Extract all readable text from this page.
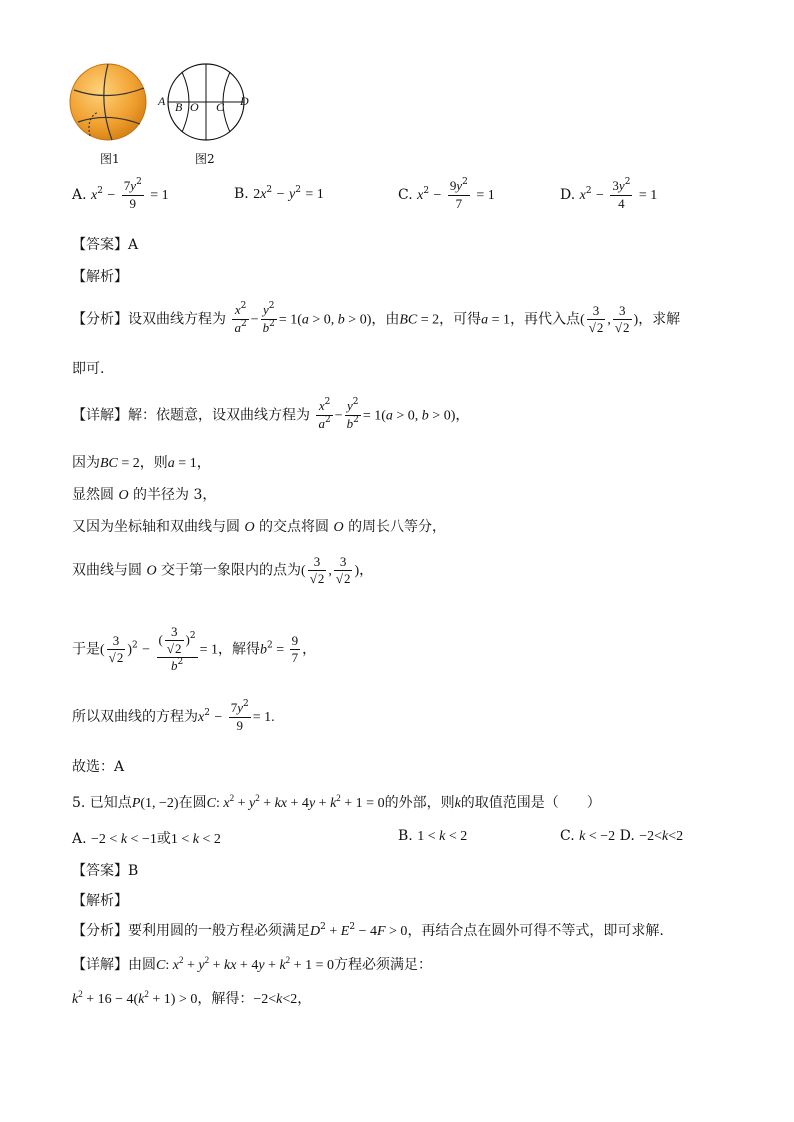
A B O C D
图1	图2
A. $x^2 - \frac{7y^2}{9} = 1$	B. $2x^2 - y^2 = 1$	C. $x^2 - \frac{9y^2}{7} = 1$	D. $x^2 - \frac{3y^2}{4} = 1$
【答案】A
【解析】
【分析】设双曲线方程为 $\frac{x^2}{a^2} - \frac{y^2}{b^2} = 1(a > 0$, b > 0)，由BC = 2，可得a = 1，再代入点( $\frac{3}{√2}$ , $\frac{3}{√2}$ )，求解
即可.
【详解】解：依题意，设双曲线方程为 $\frac{x^2}{a^2} - \frac{y^2}{b^2} = 1(a > 0$, b > 0)，
因为BC = 2，则a = 1，
显然圆 O 的半径为 3，
又因为坐标轴和双曲线与圆 O 的交点将圆 O 的周长八等分，
双曲线与圆 O 交于第一象限内的点为( $\frac{3}{√2}$ , $\frac{3}{√2}$ )，
于是( $\frac{3}{√2} )^2 - \frac{( \frac{3}{√2} )^2}{b^2} = 1$，解得$b^2 = \frac{9}{7}$ ，
所以双曲线的方程为$x^2 - \frac{7y^2}{9} = 1$.
故选：A
5. 已知点P(1, −2)在圆C: $x^2 + y^2$ + kx + $4y + k^2 + 1 = 0$的外部，则k的取值范围是（　　）
A. −2 < k < −1或1 < k < 2	B. 1 < k < 2	C. k < −2 D. −2<k<2
【答案】B
【解析】
【分析】要利用圆的一般方程必须满足$D^2 + E^2 - 4F > 0$，再结合点在圆外可得不等式，即可求解.
【详解】由圆C: $x^2 + y^2$ + kx + $4y + k^2 + 1 = 0$方程必须满足：
$k^2 + 16 - 4(k^2 + 1) > 0$，解得：−2<k<2，
